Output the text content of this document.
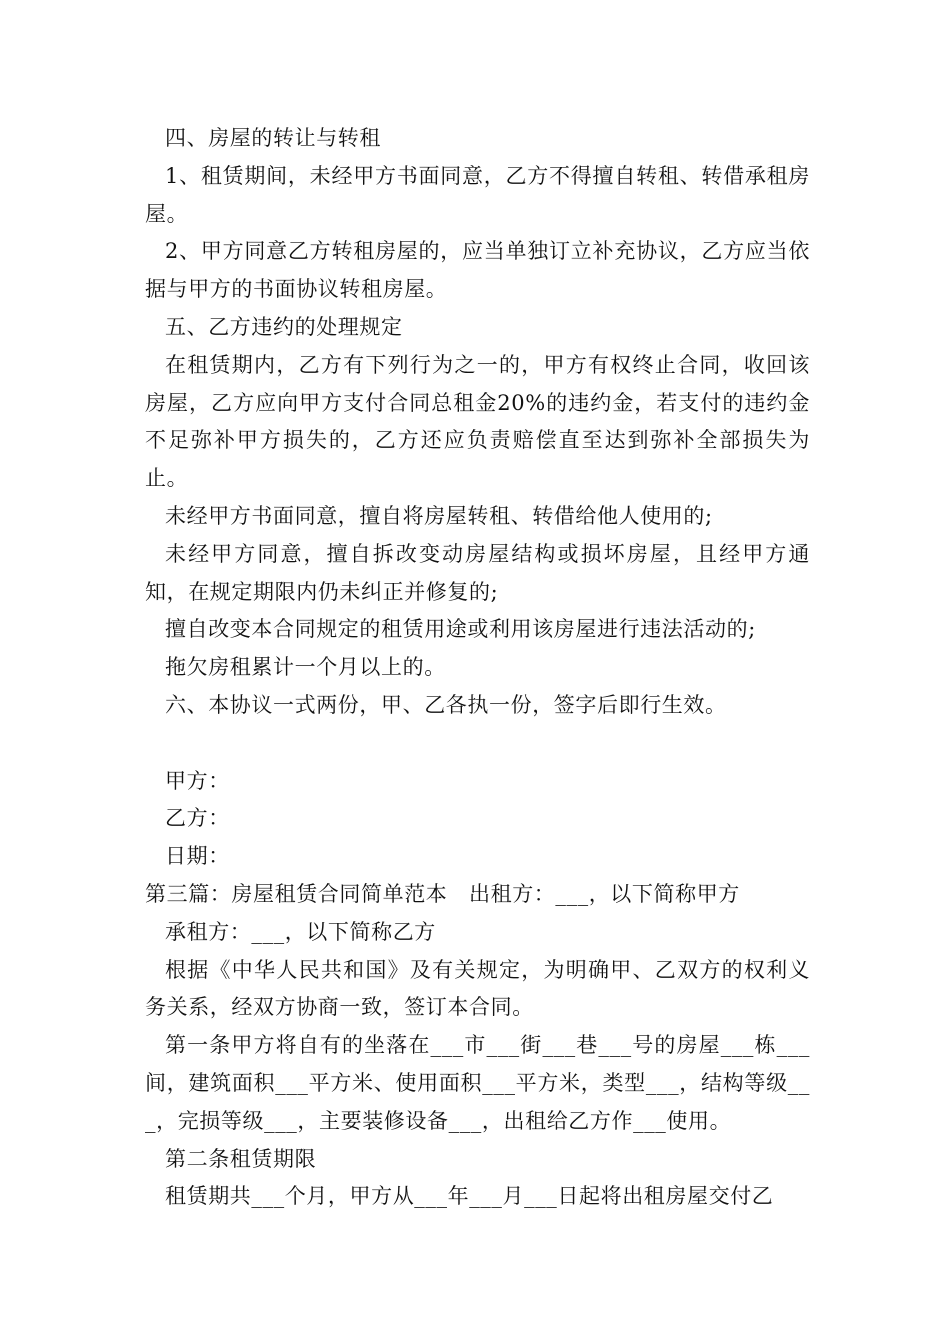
四、房屋的转让与转租

1、租赁期间，未经甲方书面同意，乙方不得擅自转租、转借承租房屋。

2、甲方同意乙方转租房屋的，应当单独订立补充协议，乙方应当依据与甲方的书面协议转租房屋。

五、乙方违约的处理规定

在租赁期内，乙方有下列行为之一的，甲方有权终止合同，收回该房屋，乙方应向甲方支付合同总租金20%的违约金，若支付的违约金不足弥补甲方损失的，乙方还应负责赔偿直至达到弥补全部损失为止。

未经甲方书面同意，擅自将房屋转租、转借给他人使用的;

未经甲方同意，擅自拆改变动房屋结构或损坏房屋，且经甲方通知，在规定期限内仍未纠正并修复的;

擅自改变本合同规定的租赁用途或利用该房屋进行违法活动的;

拖欠房租累计一个月以上的。

六、本协议一式两份，甲、乙各执一份，签字后即行生效。

甲方：

乙方：

日期：

第三篇：房屋租赁合同简单范本　出租方：___，以下简称甲方

承租方：___，以下简称乙方

根据《中华人民共和国》及有关规定，为明确甲、乙双方的权利义务关系，经双方协商一致，签订本合同。

第一条甲方将自有的坐落在___市___街___巷___号的房屋___栋___间，建筑面积___平方米、使用面积___平方米，类型___，结构等级___，完损等级___，主要装修设备___，出租给乙方作___使用。

第二条租赁期限

租赁期共___个月，甲方从___年___月___日起将出租房屋交付乙
